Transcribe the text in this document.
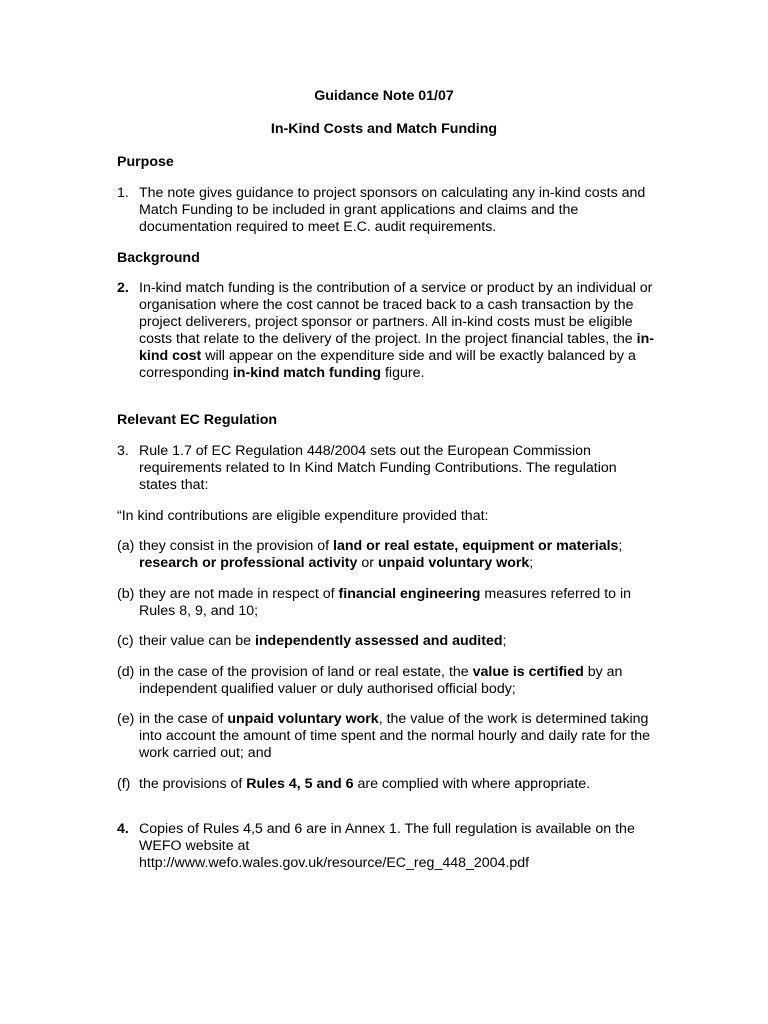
Guidance Note 01/07
In-Kind Costs and Match Funding
Purpose
1. The note gives guidance to project sponsors on calculating any in-kind costs and Match Funding to be included in grant applications and claims and the documentation required to meet E.C. audit requirements.
Background
2. In-kind match funding is the contribution of a service or product by an individual or organisation where the cost cannot be traced back to a cash transaction by the project deliverers, project sponsor or partners. All in-kind costs must be eligible costs that relate to the delivery of the project. In the project financial tables, the in-kind cost will appear on the expenditure side and will be exactly balanced by a corresponding in-kind match funding figure.
Relevant EC Regulation
3. Rule 1.7 of EC Regulation 448/2004 sets out the European Commission requirements related to In Kind Match Funding Contributions. The regulation states that:
“In kind contributions are eligible expenditure provided that:
(a) they consist in the provision of land or real estate, equipment or materials; research or professional activity or unpaid voluntary work;
(b) they are not made in respect of financial engineering measures referred to in Rules 8, 9, and 10;
(c) their value can be independently assessed and audited;
(d) in the case of the provision of land or real estate, the value is certified by an independent qualified valuer or duly authorised official body;
(e) in the case of unpaid voluntary work, the value of the work is determined taking into account the amount of time spent and the normal hourly and daily rate for the work carried out; and
(f) the provisions of Rules 4, 5 and 6 are complied with where appropriate.
4. Copies of Rules 4,5 and 6 are in Annex 1. The full regulation is available on the WEFO website at
http://www.wefo.wales.gov.uk/resource/EC_reg_448_2004.pdf
